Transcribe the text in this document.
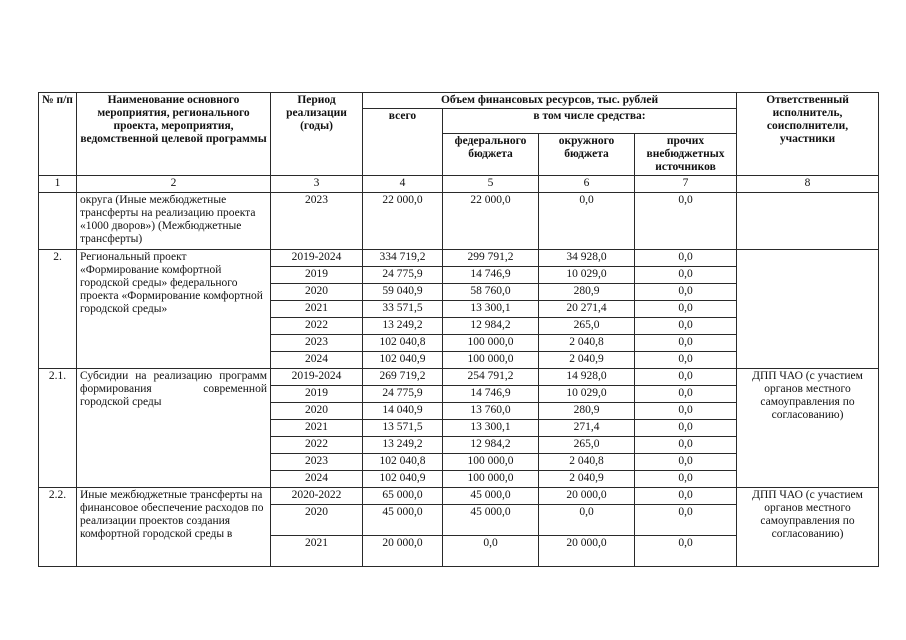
№ п/п	Наименование основного мероприятия, регионального проекта, мероприятия, ведомственной целевой программы	Период реализации (годы)	Объем финансовых ресурсов, тыс. рублей				Ответственный исполнитель, соисполнители, участники
			всего	в том числе средства:			
				федерального бюджета	окружного бюджета	прочих внебюджетных источников	
1	2	3	4	5	6	7	8
	округа (Иные межбюджетные трансферты на реализацию проекта «1000 дворов») (Межбюджетные трансферты)	2023	22 000,0	22 000,0	0,0	0,0	
2.	Региональный проект «Формирование комфортной городской среды» федерального проекта «Формирование комфортной городской среды»	2019-2024	334 719,2	299 791,2	34 928,0	0,0	
		2019	24 775,9	14 746,9	10 029,0	0,0	
		2020	59 040,9	58 760,0	280,9	0,0	
		2021	33 571,5	13 300,1	20 271,4	0,0	
		2022	13 249,2	12 984,2	265,0	0,0	
		2023	102 040,8	100 000,0	2 040,8	0,0	
		2024	102 040,9	100 000,0	2 040,9	0,0	
2.1.	Субсидии на реализацию программ формирования современной городской среды	2019-2024	269 719,2	254 791,2	14 928,0	0,0	ДПП ЧАО (с участием органов местного самоуправления по согласованию)
		2019	24 775,9	14 746,9	10 029,0	0,0	
		2020	14 040,9	13 760,0	280,9	0,0	
		2021	13 571,5	13 300,1	271,4	0,0	
		2022	13 249,2	12 984,2	265,0	0,0	
		2023	102 040,8	100 000,0	2 040,8	0,0	
		2024	102 040,9	100 000,0	2 040,9	0,0	
2.2.	Иные межбюджетные трансферты на финансовое обеспечение расходов по реализации проектов создания комфортной городской среды в	2020-2022	65 000,0	45 000,0	20 000,0	0,0	ДПП ЧАО (с участием органов местного самоуправления по согласованию)
		2020	45 000,0	45 000,0	0,0	0,0	
		2021	20 000,0	0,0	20 000,0	0,0	
